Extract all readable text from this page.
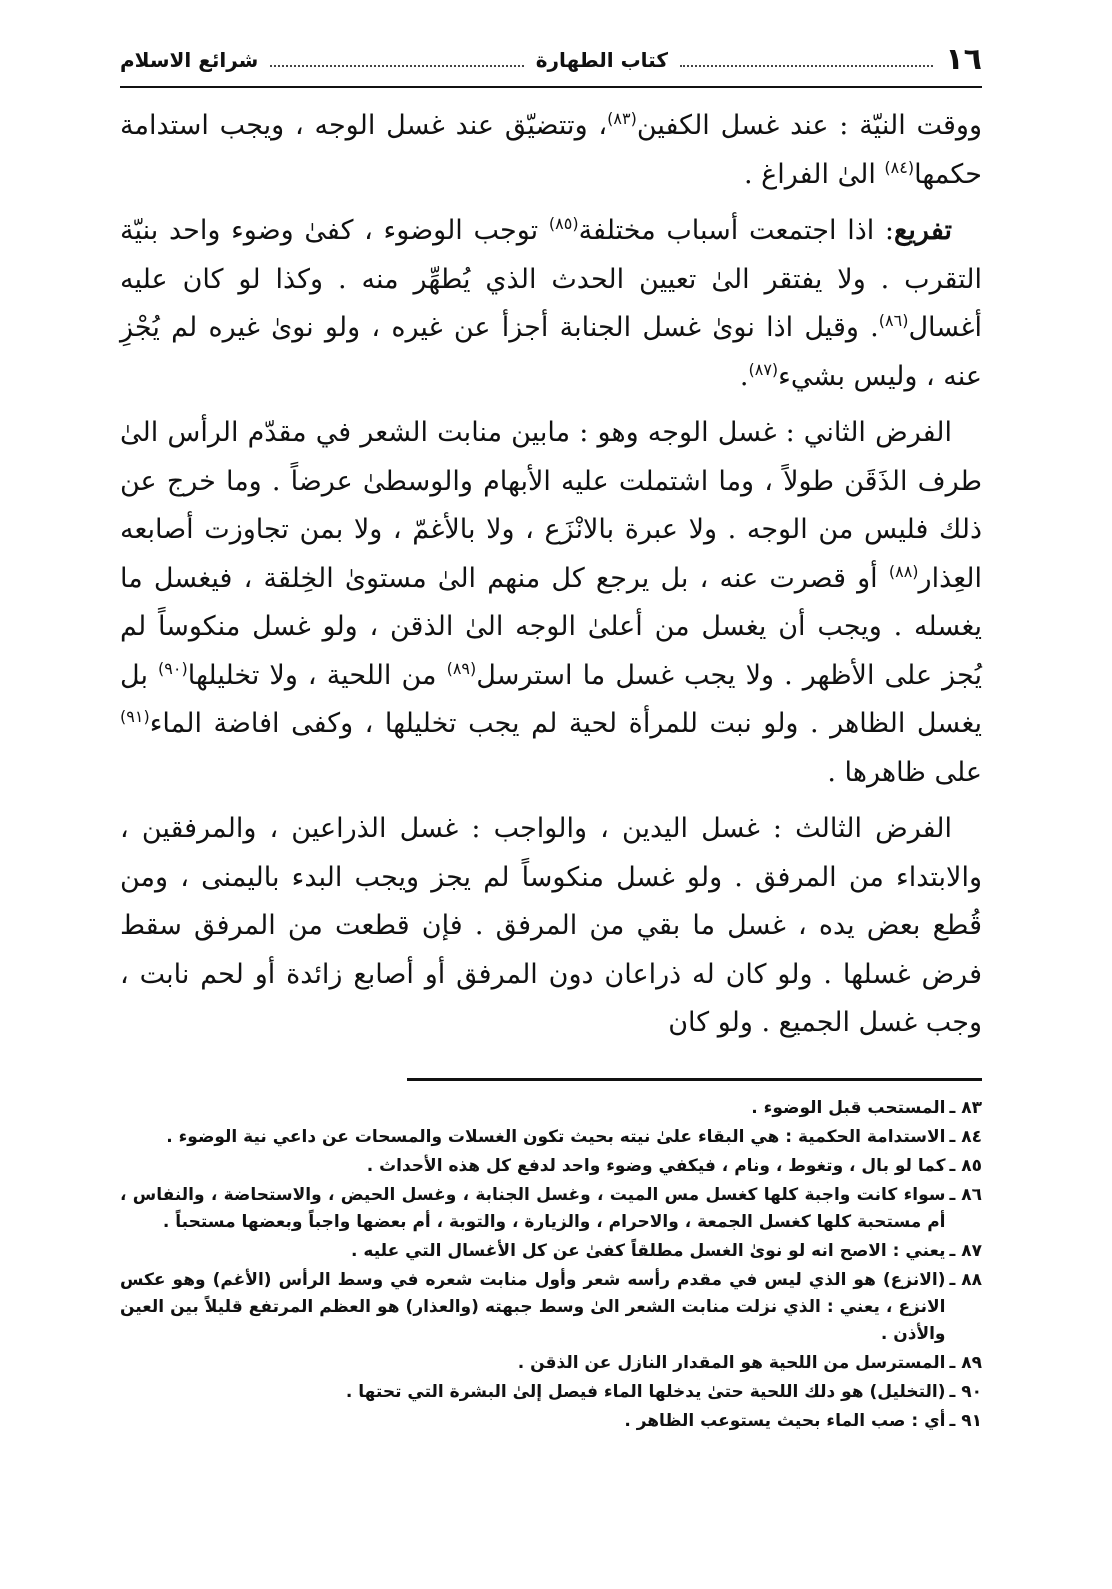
١٦
كتاب الطهارة
شرائع الاسلام

ووقت النيّة : عند غسل الكفين$^{(٨٣)}$، وتتضيّق عند غسل الوجه ، ويجب استدامة حكمها$^{(٨٤)}$ الىٰ الفراغ .

تفريع: اذا اجتمعت أسباب مختلفة$^{(٨٥)}$ توجب الوضوء ، كفىٰ وضوء واحد بنيّة التقرب . ولا يفتقر الىٰ تعيين الحدث الذي يُطهِّر منه . وكذا لو كان عليه أغسال$^{(٨٦)}$. وقيل اذا نوىٰ غسل الجنابة أجزأ عن غيره ، ولو نوىٰ غيره لم يُجْزِ عنه ، وليس بشيء$^{(٨٧)}$.

الفرض الثاني : غسل الوجه وهو : مابين منابت الشعر في مقدّم الرأس الىٰ طرف الذَقَن طولاً ، وما اشتملت عليه الأبهام والوسطىٰ عرضاً . وما خرج عن ذلك فليس من الوجه . ولا عبرة بالانْزَع ، ولا بالأغمّ ، ولا بمن تجاوزت أصابعه العِذار$^{(٨٨)}$ أو قصرت عنه ، بل يرجع كل منهم الىٰ مستوىٰ الخِلقة ، فيغسل ما يغسله . ويجب أن يغسل من أعلىٰ الوجه الىٰ الذقن ، ولو غسل منكوساً لم يُجز على الأظهر . ولا يجب غسل ما استرسل$^{(٨٩)}$ من اللحية ، ولا تخليلها$^{(٩٠)}$ بل يغسل الظاهر . ولو نبت للمرأة لحية لم يجب تخليلها ، وكفى افاضة الماء$^{(٩١)}$ على ظاهرها .

الفرض الثالث : غسل اليدين ، والواجب : غسل الذراعين ، والمرفقين ، والابتداء من المرفق . ولو غسل منكوساً لم يجز ويجب البدء باليمنى ، ومن قُطع بعض يده ، غسل ما بقي من المرفق . فإن قطعت من المرفق سقط فرض غسلها . ولو كان له ذراعان دون المرفق أو أصابع زائدة أو لحم نابت ، وجب غسل الجميع . ولو كان

٨٣ ـ
المستحب قبل الوضوء .
٨٤ ـ
الاستدامة الحكمية : هي البقاء علىٰ نيته بحيث تكون الغسلات والمسحات عن داعي نية الوضوء .
٨٥ ـ
كما لو بال ، وتغوط ، ونام ، فيكفي وضوء واحد لدفع كل هذه الأحداث .
٨٦ ـ
سواء كانت واجبة كلها كغسل مس الميت ، وغسل الجنابة ، وغسل الحيض ، والاستحاضة ، والنفاس ، أم مستحبة كلها كغسل الجمعة ، والاحرام ، والزيارة ، والتوبة ، أم بعضها واجباً وبعضها مستحباً .
٨٧ ـ
يعني : الاصح انه لو نوىٰ الغسل مطلقاً كفىٰ عن كل الأغسال التي عليه .
٨٨ ـ
(الانزع) هو الذي ليس في مقدم رأسه شعر وأول منابت شعره في وسط الرأس (الأغم) وهو عكس الانزع ، يعني : الذي نزلت منابت الشعر الىٰ وسط جبهته (والعذار) هو العظم المرتفع قليلاً بين العين والأذن .
٨٩ ـ
المسترسل من اللحية هو المقدار النازل عن الذقن .
٩٠ ـ
(التخليل) هو دلك اللحية حتىٰ يدخلها الماء فيصل إلىٰ البشرة التي تحتها .
٩١ ـ
أي : صب الماء بحيث يستوعب الظاهر .
